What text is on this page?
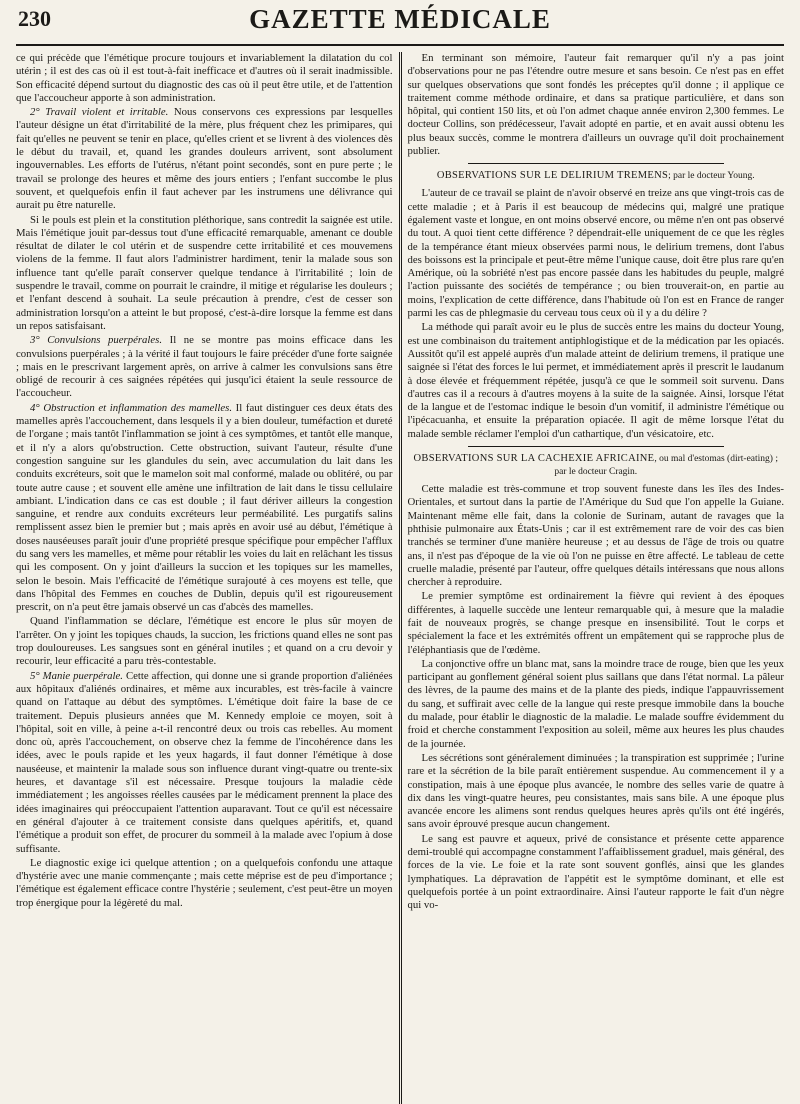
230	GAZETTE MÉDICALE

ce qui précède que l'émétique procure toujours et invariablement la dilatation du col utérin ; il est des cas où il est tout-à-fait inefficace et d'autres où il serait inadmissible. Son efficacité dépend surtout du diagnostic des cas où il peut être utile, et de l'attention que l'accoucheur apporte à son administration.

2° Travail violent et irritable. Nous conservons ces expressions par lesquelles l'auteur désigne un état d'irritabilité de la mère, plus fréquent chez les primipares, qui fait qu'elles ne peuvent se tenir en place, qu'elles crient et se livrent à des violences dès le début du travail, et, quand les grandes douleurs arrivent, sont absolument ingouvernables. Les efforts de l'utérus, n'étant point secondés, sont en pure perte ; le travail se prolonge des heures et même des jours entiers ; l'enfant succombe le plus souvent, et quelquefois enfin il faut achever par les instrumens une délivrance qui aurait pu être naturelle.

Si le pouls est plein et la constitution pléthorique, sans contredit la saignée est utile. Mais l'émétique jouit par-dessus tout d'une efficacité remarquable, amenant ce double résultat de dilater le col utérin et de suspendre cette irritabilité et ces mouvemens violens de la femme. Il faut alors l'administrer hardiment, tenir la malade sous son influence tant qu'elle paraît conserver quelque tendance à l'irritabilité ; loin de suspendre le travail, comme on pourrait le craindre, il mitige et régularise les douleurs ; et l'enfant descend à souhait. La seule précaution à prendre, c'est de cesser son administration lorsqu'on a atteint le but proposé, c'est-à-dire lorsque la femme est dans un repos satisfaisant.

3° Convulsions puerpérales. Il ne se montre pas moins efficace dans les convulsions puerpérales ; à la vérité il faut toujours le faire précéder d'une forte saignée ; mais en le prescrivant largement après, on arrive à calmer les convulsions sans être obligé de recourir à ces saignées répétées qui jusqu'ici étaient la seule ressource de l'accoucheur.

4° Obstruction et inflammation des mamelles. Il faut distinguer ces deux états des mamelles après l'accouchement, dans lesquels il y a bien douleur, tuméfaction et dureté de l'organe ; mais tantôt l'inflammation se joint à ces symptômes, et tantôt elle manque, et il n'y a alors qu'obstruction. Cette obstruction, suivant l'auteur, résulte d'une congestion sanguine sur les glandules du sein, avec accumulation du lait dans les conduits excréteurs, soit que le mamelon soit mal conformé, malade ou oblitéré, ou par toute autre cause ; et souvent elle amène une infiltration de lait dans le tissu cellulaire ambiant. L'indication dans ce cas est double ; il faut dériver ailleurs la congestion sanguine, et rendre aux conduits excréteurs leur perméabilité. Les purgatifs salins remplissent assez bien le premier but ; mais après en avoir usé au début, l'émétique à doses nauséeuses paraît jouir d'une propriété presque spécifique pour empêcher l'afflux du sang vers les mamelles, et même pour rétablir les voies du lait en relâchant les tissus qui les composent. On y joint d'ailleurs la succion et les topiques sur les mamelles, selon le besoin. Mais l'efficacité de l'émétique surajouté à ces moyens est telle, que dans l'hôpital des Femmes en couches de Dublin, depuis qu'il est rigoureusement prescrit, on n'a peut être jamais observé un cas d'abcès des mamelles.

Quand l'inflammation se déclare, l'émétique est encore le plus sûr moyen de l'arrêter. On y joint les topiques chauds, la succion, les frictions quand elles ne sont pas trop douloureuses. Les sangsues sont en général inutiles ; et quand on a cru devoir y recourir, leur efficacité a paru très-contestable.

5° Manie puerpérale. Cette affection, qui donne une si grande proportion d'aliénées aux hôpitaux d'aliénés ordinaires, et même aux incurables, est très-facile à vaincre quand on l'attaque au début des symptômes. L'émétique doit faire la base de ce traitement. Depuis plusieurs années que M. Kennedy emploie ce moyen, soit à l'hôpital, soit en ville, à peine a-t-il rencontré deux ou trois cas rebelles. Au moment donc où, après l'accouchement, on observe chez la femme de l'incohérence dans les idées, avec le pouls rapide et les yeux hagards, il faut donner l'émétique à dose nauséeuse, et maintenir la malade sous son influence durant vingt-quatre ou trente-six heures, et davantage s'il est nécessaire. Presque toujours la maladie cède immédiatement ; les angoisses réelles causées par le médicament prennent la place des idées imaginaires qui préoccupaient l'attention auparavant. Tout ce qu'il est nécessaire en général d'ajouter à ce traitement consiste dans quelques apéritifs, et, quand l'émétique a produit son effet, de procurer du sommeil à la malade avec l'opium à dose suffisante.

Le diagnostic exige ici quelque attention ; on a quelquefois confondu une attaque d'hystérie avec une manie commençante ; mais cette méprise est de peu d'importance ; l'émétique est également efficace contre l'hystérie ; seulement, c'est peut-être un moyen trop énergique pour la légèreté du mal.

En terminant son mémoire, l'auteur fait remarquer qu'il n'y a pas joint d'observations pour ne pas l'étendre outre mesure et sans besoin. Ce n'est pas en effet sur quelques observations que sont fondés les préceptes qu'il donne ; il applique ce traitement comme méthode ordinaire, et dans sa pratique particulière, et dans son hôpital, qui contient 150 lits, et où l'on admet chaque année environ 2,300 femmes. Le docteur Collins, son prédécesseur, l'avait adopté en partie, et en avait aussi obtenu les plus beaux succès, comme le montrera d'ailleurs un ouvrage qu'il doit prochainement publier.

OBSERVATIONS SUR LE DELIRIUM TREMENS; par le docteur Young.

L'auteur de ce travail se plaint de n'avoir observé en treize ans que vingt-trois cas de cette maladie ; et à Paris il est beaucoup de médecins qui, malgré une pratique également vaste et longue, en ont moins observé encore, ou même n'en ont pas observé du tout. A quoi tient cette différence ? dépendrait-elle uniquement de ce que les règles de la tempérance étant mieux observées parmi nous, le delirium tremens, dont l'abus des boissons est la principale et peut-être même l'unique cause, doit être plus rare qu'en Amérique, où la sobriété n'est pas encore passée dans les habitudes du peuple, malgré l'action puissante des sociétés de tempérance ; ou bien trouverait-on, en partie au moins, l'explication de cette différence, dans l'habitude où l'on est en France de ranger parmi les cas de phlegmasie du cerveau tous ceux où il y a du délire ?

La méthode qui paraît avoir eu le plus de succès entre les mains du docteur Young, est une combinaison du traitement antiphlogistique et de la médication par les opiacés. Aussitôt qu'il est appelé auprès d'un malade atteint de delirium tremens, il pratique une saignée si l'état des forces le lui permet, et immédiatement après il prescrit le laudanum à dose élevée et fréquemment répétée, jusqu'à ce que le sommeil soit survenu. Dans d'autres cas il a recours à d'autres moyens à la suite de la saignée. Ainsi, lorsque l'état de la langue et de l'estomac indique le besoin d'un vomitif, il administre l'émétique ou l'ipécacuanha, et ensuite la préparation opiacée. Il agit de même lorsque l'état du malade semble réclamer l'emploi d'un cathartique, d'un vésicatoire, etc.

OBSERVATIONS SUR LA CACHEXIE AFRICAINE, ou mal d'estomas (dirt-eating) ; par le docteur Cragin.

Cette maladie est très-commune et trop souvent funeste dans les îles des Indes-Orientales, et surtout dans la partie de l'Amérique du Sud que l'on appelle la Guiane. Maintenant même elle fait, dans la colonie de Surinam, autant de ravages que la phthisie pulmonaire aux États-Unis ; car il est extrêmement rare de voir des cas bien tranchés se terminer d'une manière heureuse ; et au dessus de l'âge de trois ou quatre ans, il n'est pas d'époque de la vie où l'on ne puisse en être affecté. Le tableau de cette cruelle maladie, présenté par l'auteur, offre quelques détails intéressans que nous allons chercher à reproduire.

Le premier symptôme est ordinairement la fièvre qui revient à des époques différentes, à laquelle succède une lenteur remarquable qui, à mesure que la maladie fait de nouveaux progrès, se change presque en insensibilité. Tout le corps et spécialement la face et les extrémités offrent un empâtement qui se rapproche plus de l'éléphantiasis que de l'œdème.

La conjonctive offre un blanc mat, sans la moindre trace de rouge, bien que les yeux participant au gonflement général soient plus saillans que dans l'état normal. La pâleur des lèvres, de la paume des mains et de la plante des pieds, indique l'appauvrissement du sang, et suffirait avec celle de la langue qui reste presque immobile dans la bouche du malade, pour établir le diagnostic de la maladie. Le malade souffre évidemment du froid et cherche constamment l'exposition au soleil, même aux heures les plus chaudes de la journée.

Les sécrétions sont généralement diminuées ; la transpiration est supprimée ; l'urine rare et la sécrétion de la bile paraît entièrement suspendue. Au commencement il y a constipation, mais à une époque plus avancée, le nombre des selles varie de quatre à dix dans les vingt-quatre heures, peu consistantes, mais sans bile. A une époque plus avancée encore les alimens sont rendus quelques heures après qu'ils ont été ingérés, sans avoir éprouvé presque aucun changement.

Le sang est pauvre et aqueux, privé de consistance et présente cette apparence demi-troublé qui accompagne constamment l'affaiblissement graduel, mais général, des forces de la vie. Le foie et la rate sont souvent gonflés, ainsi que les glandes lymphatiques. La dépravation de l'appétit est le symptôme dominant, et elle est quelquefois portée à un point extraordinaire. Ainsi l'auteur rapporte le fait d'un nègre qui vo-
